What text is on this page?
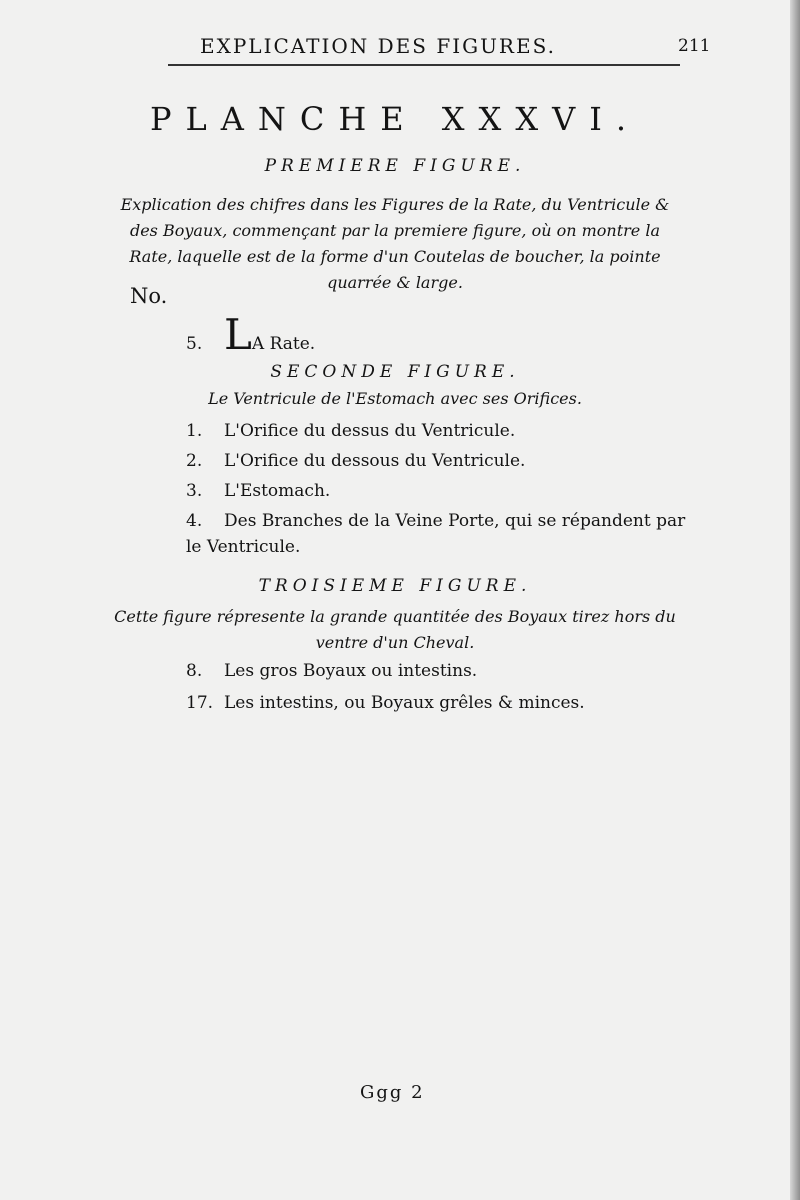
EXPLICATION DES FIGURES.	211
PLANCHE XXXVI.
PREMIERE FIGURE.
Explication des chifres dans les Figures de la Rate, du Ventricule & des Boyaux, commençant par la premiere figure, où on montre la Rate, laquelle est de la forme d'un Coutelas de boucher, la pointe quarrée & large.
No.
5. LA Rate.
SECONDE FIGURE.
Le Ventricule de l'Estomach avec ses Orifices.
1. L'Orifice du dessus du Ventricule.
2. L'Orifice du dessous du Ventricule.
3. L'Estomach.
4. Des Branches de la Veine Porte, qui se répandent par le Ventricule.
TROISIEME FIGURE.
Cette figure répresente la grande quantitée des Boyaux tirez hors du ventre d'un Cheval.
8. Les gros Boyaux ou intestins.
17. Les intestins, ou Boyaux grêles & minces.
Ggg 2
